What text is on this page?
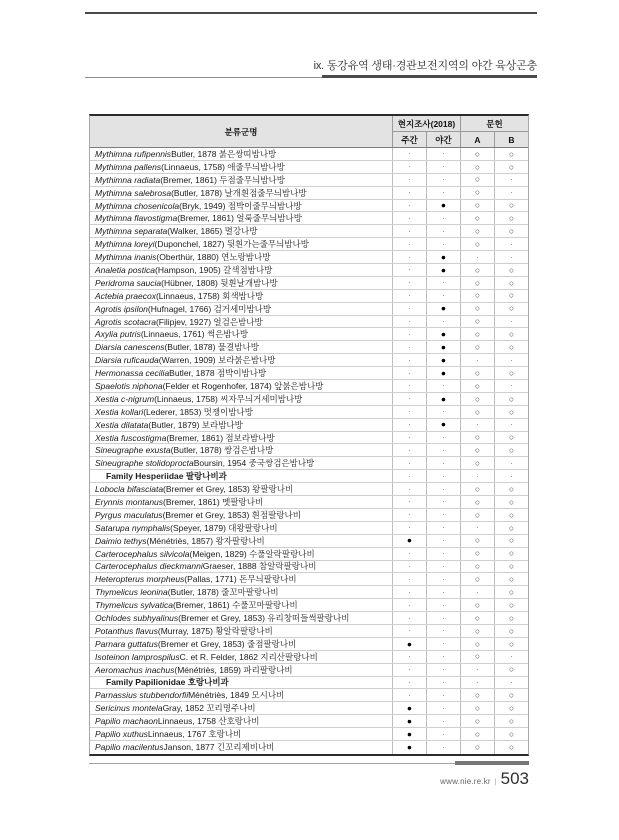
ix. 동강유역 생태·경관보전지역의 야간 육상곤충
분류군명
현지조사(2018)	문헌
주간	야간	A	B
Mythimna rufipennis Butler, 1878 붉은쌍띠밤나방	·	·	○	○
Mythimna pallens (Linnaeus, 1758) 애줄무늬밤나방	·	·	○	○
Mythimna radiata (Bremer, 1861) 두점줄무늬밤나방	·	·	○	·
Mythimna salebrosa (Butler, 1878) 날개흰점줄무늬밤나방	·	·	○	·
Mythimna chosenicola (Bryk, 1949) 점박이줄무늬밤나방	·	●	○	○
Mythimna flavostigma (Bremer, 1861) 얼룩줄무늬밤나방	·	·	○	○
Mythimna separata (Walker, 1865) 멸강나방	·	·	○	○
Mythimna loreyi (Duponchel, 1827) 뒷흰가는줄무늬밤나방	·	·	○	·
Mythimna inanis (Oberthür, 1880) 연노랑밤나방	·	●	·	·
Analetia postica (Hampson, 1905) 갈색점밤나방	·	●	○	○
Peridroma saucia (Hübner, 1808) 뒷흰날개밤나방	·	·	○	○
Actebia praecox (Linnaeus, 1758) 회색밤나방	·	·	○	○
Agrotis ipsilon (Hufnagel, 1766) 검거세미밤나방	·	●	○	○
Agrotis scotacra (Filipjev, 1927) 얼검은밤나방	·	·	○	·
Axylia putris (Linnaeus, 1761) 썩은밤나방	·	●	○	○
Diarsia canescens (Butler, 1878) 물결밤나방	·	●	○	○
Diarsia ruficauda (Warren, 1909) 보라붉은밤나방	·	●	·	·
Hermonassa cecilia Butler, 1878 점박이밤나방	·	●	○	○
Spaelotis niphona (Felder et Rogenhofer, 1874) 앞붉은밤나방	·	·	○	·
Xestia c-nigrum (Linnaeus, 1758) 씨자무늬거세미밤나방	·	●	○	○
Xestia kollari (Lederer, 1853) 멋쟁이밤나방	·	·	○	○
Xestia dilatata (Butler, 1879) 보라밤나방	·	●	·	·
Xestia fuscostigma (Bremer, 1861) 점보라밤나방	·	·	○	○
Sineugraphe exusta (Butler, 1878) 쌍검은밤나방	·	·	○	○
Sineugraphe stolidoprocta Boursin, 1954 중국쌍검은밤나방	·	·	○	·
Family Hesperiidae 팔랑나비과	·	·	·	·
Lobocla bifasciata (Bremer et Grey, 1853) 왕팔랑나비	·	·	○	○
Erynnis montanus (Bremer, 1861) 멧팔랑나비	·	·	○	○
Pyrgus maculatus (Bremer et Grey, 1853) 흰점팔랑나비	·	·	○	○
Satarupa nymphalis (Speyer, 1879) 대왕팔랑나비	·	·	·	○
Daimio tethys (Ménétriès, 1857) 왕자팔랑나비	●	·	○	○
Carterocephalus silvicola (Meigen, 1829) 수풀알락팔랑나비	·	·	○	○
Carterocephalus dieckmanni Graeser, 1888 참알락팔랑나비	·	·	○	○
Heteropterus morpheus (Pallas, 1771) 돈무늬팔랑나비	·	·	○	○
Thymelicus leonina (Butler, 1878) 줄꼬마팔랑나비	·	·	·	○
Thymelicus sylvatica (Bremer, 1861) 수풀꼬마팔랑나비	·	·	○	○
Ochlodes subhyalinus (Bremer et Grey, 1853) 유리창떠들썩팔랑나비	·	·	○	○
Potanthus flavus (Murray, 1875) 황알락팔랑나비	·	·	○	○
Parnara guttatus (Bremer et Grey, 1853) 줄점팔랑나비	●	·	○	○
Isoteinon lamprospilus C. et R. Felder, 1862 지리산팔랑나비	·	·	○	·
Aeromachus inachus (Ménétriès, 1859) 파리팔랑나비	·	·	·	○
Family Papilionidae 호랑나비과	·	·	·	·
Parnassius stubbendorfii Ménétriès, 1849 모시나비	·	·	○	○
Sericinus montela Gray, 1852 꼬리명주나비	●	·	○	○
Papilio machaon Linnaeus, 1758 산호랑나비	●	·	○	○
Papilio xuthus Linnaeus, 1767 호랑나비	●	·	○	○
Papilio macilentus Janson, 1877 긴꼬리제비나비	●	·	○	○
www.nie.re.kr | 503
